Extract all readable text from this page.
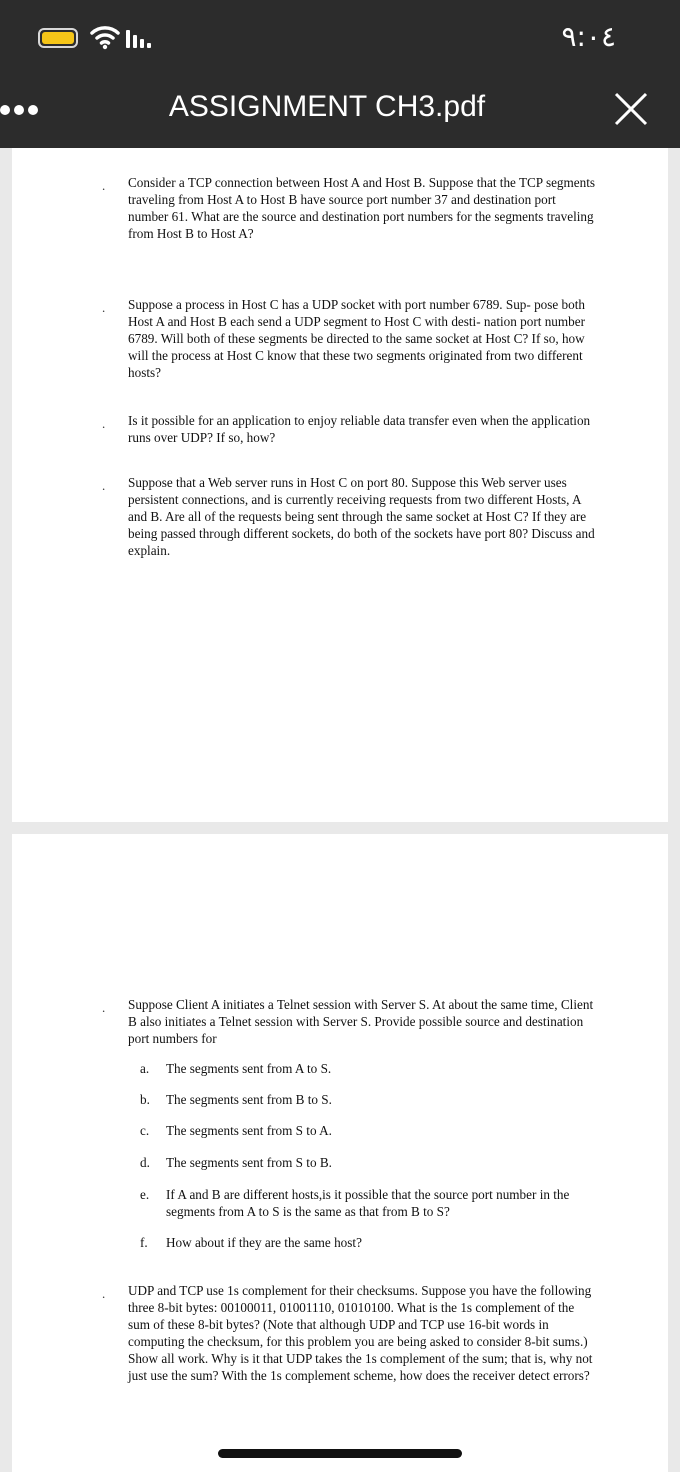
٩:٠٤
ASSIGNMENT CH3.pdf
. Consider a TCP connection between Host A and Host B. Suppose that the TCP segments traveling from Host A to Host B have source port number 37 and destination port number 61. What are the source and destination port numbers for the segments traveling from Host B to Host A?
. Suppose a process in Host C has a UDP socket with port number 6789. Sup- pose both Host A and Host B each send a UDP segment to Host C with desti- nation port number 6789. Will both of these segments be directed to the same socket at Host C? If so, how will the process at Host C know that these two segments originated from two different hosts?
. Is it possible for an application to enjoy reliable data transfer even when the application runs over UDP? If so, how?
. Suppose that a Web server runs in Host C on port 80. Suppose this Web server uses persistent connections, and is currently receiving requests from two different Hosts, A and B. Are all of the requests being sent through the same socket at Host C? If they are being passed through different sockets, do both of the sockets have port 80? Discuss and explain.
. Suppose Client A initiates a Telnet session with Server S. At about the same time, Client B also initiates a Telnet session with Server S. Provide possible source and destination port numbers for
a.	The segments sent from A to S.
b.	The segments sent from B to S.
c.	The segments sent from S to A.
d.	The segments sent from S to B.
e.	If A and B are different hosts,is it possible that the source port number in the segments from A to S is the same as that from B to S?
f.	How about if they are the same host?
. UDP and TCP use 1s complement for their checksums. Suppose you have the following three 8-bit bytes: 00100011, 01001110, 01010100. What is the 1s complement of the sum of these 8-bit bytes? (Note that although UDP and TCP use 16-bit words in computing the checksum, for this problem you are being asked to consider 8-bit sums.) Show all work. Why is it that UDP takes the 1s complement of the sum; that is, why not just use the sum? With the 1s complement scheme, how does the receiver detect errors?
